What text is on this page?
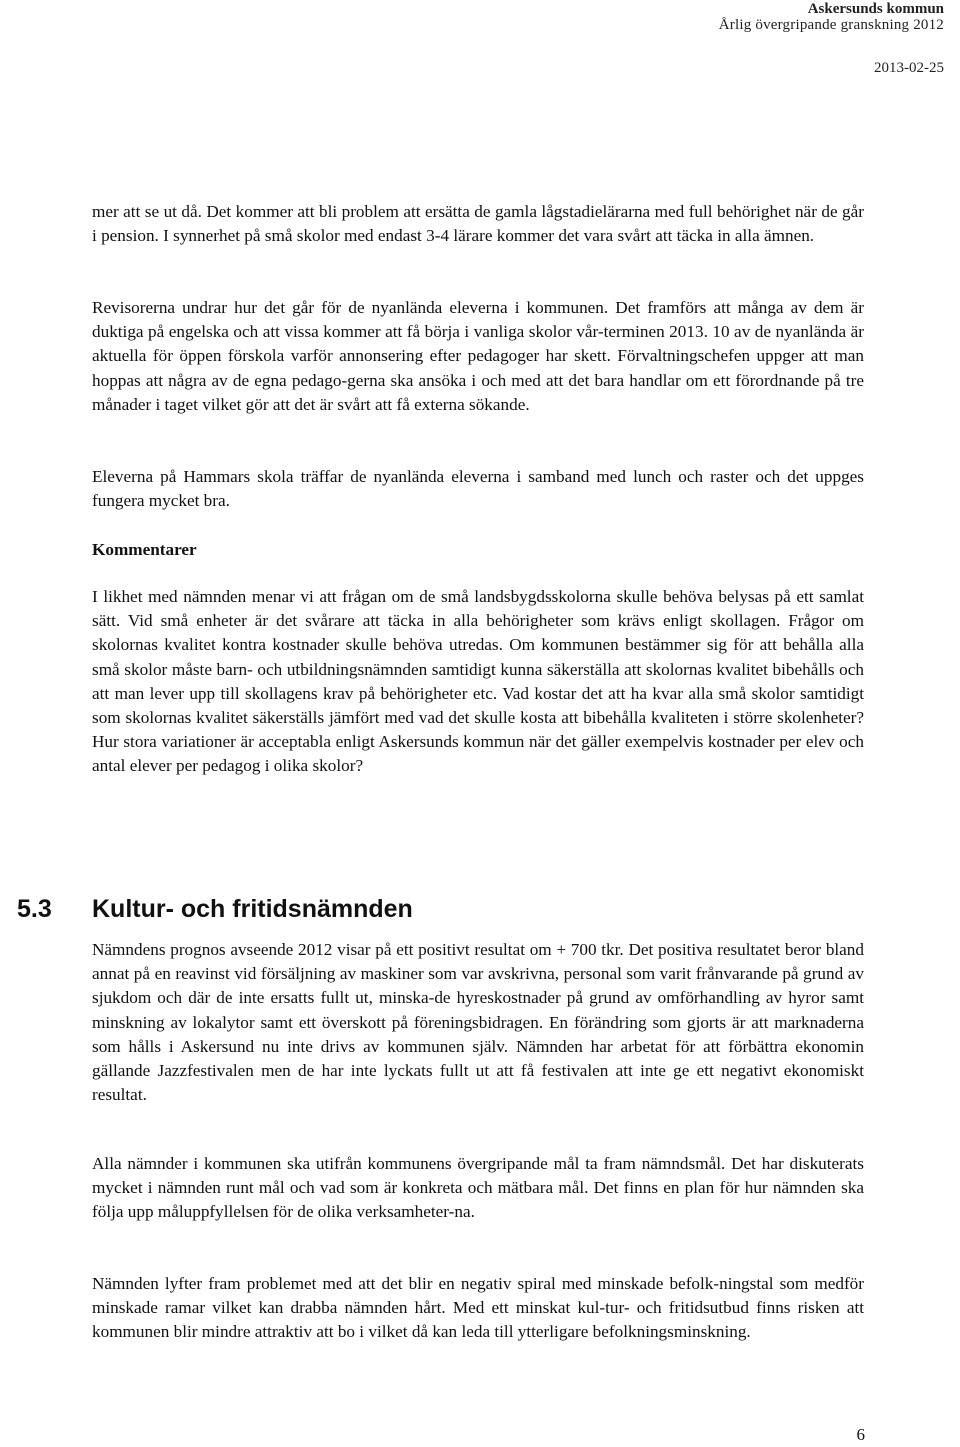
Askersunds kommun
Årlig övergripande granskning 2012
2013-02-25

mer att se ut då. Det kommer att bli problem att ersätta de gamla lågstadielärarna med full behörighet när de går i pension. I synnerhet på små skolor med endast 3-4 lärare kommer det vara svårt att täcka in alla ämnen.

Revisorerna undrar hur det går för de nyanlända eleverna i kommunen. Det framförs att många av dem är duktiga på engelska och att vissa kommer att få börja i vanliga skolor vår-terminen 2013. 10 av de nyanlända är aktuella för öppen förskola varför annonsering efter pedagoger har skett. Förvaltningschefen uppger att man hoppas att några av de egna pedago-gerna ska ansöka i och med att det bara handlar om ett förordnande på tre månader i taget vilket gör att det är svårt att få externa sökande.

Eleverna på Hammars skola träffar de nyanlända eleverna i samband med lunch och raster och det uppges fungera mycket bra.

Kommentarer

I likhet med nämnden menar vi att frågan om de små landsbygdsskolorna skulle behöva belysas på ett samlat sätt. Vid små enheter är det svårare att täcka in alla behörigheter som krävs enligt skollagen. Frågor om skolornas kvalitet kontra kostnader skulle behöva utredas. Om kommunen bestämmer sig för att behålla alla små skolor måste barn- och utbildningsnämnden samtidigt kunna säkerställa att skolornas kvalitet bibehålls och att man lever upp till skollagens krav på behörigheter etc. Vad kostar det att ha kvar alla små skolor samtidigt som skolornas kvalitet säkerställs jämfört med vad det skulle kosta att bibehålla kvaliteten i större skolenheter? Hur stora variationer är acceptabla enligt Askersunds kommun när det gäller exempelvis kostnader per elev och antal elever per pedagog i olika skolor?

5.3 Kultur- och fritidsnämnden

Nämndens prognos avseende 2012 visar på ett positivt resultat om + 700 tkr. Det positiva resultatet beror bland annat på en reavinst vid försäljning av maskiner som var avskrivna, personal som varit frånvarande på grund av sjukdom och där de inte ersatts fullt ut, minska-de hyreskostnader på grund av omförhandling av hyror samt minskning av lokalytor samt ett överskott på föreningsbidragen. En förändring som gjorts är att marknaderna som hålls i Askersund nu inte drivs av kommunen själv. Nämnden har arbetat för att förbättra ekonomin gällande Jazzfestivalen men de har inte lyckats fullt ut att få festivalen att inte ge ett negativt ekonomiskt resultat.

Alla nämnder i kommunen ska utifrån kommunens övergripande mål ta fram nämndsmål. Det har diskuterats mycket i nämnden runt mål och vad som är konkreta och mätbara mål. Det finns en plan för hur nämnden ska följa upp måluppfyllelsen för de olika verksamheter-na.

Nämnden lyfter fram problemet med att det blir en negativ spiral med minskade befolk-ningstal som medför minskade ramar vilket kan drabba nämnden hårt. Med ett minskat kul-tur- och fritidsutbud finns risken att kommunen blir mindre attraktiv att bo i vilket då kan leda till ytterligare befolkningsminskning.

6
